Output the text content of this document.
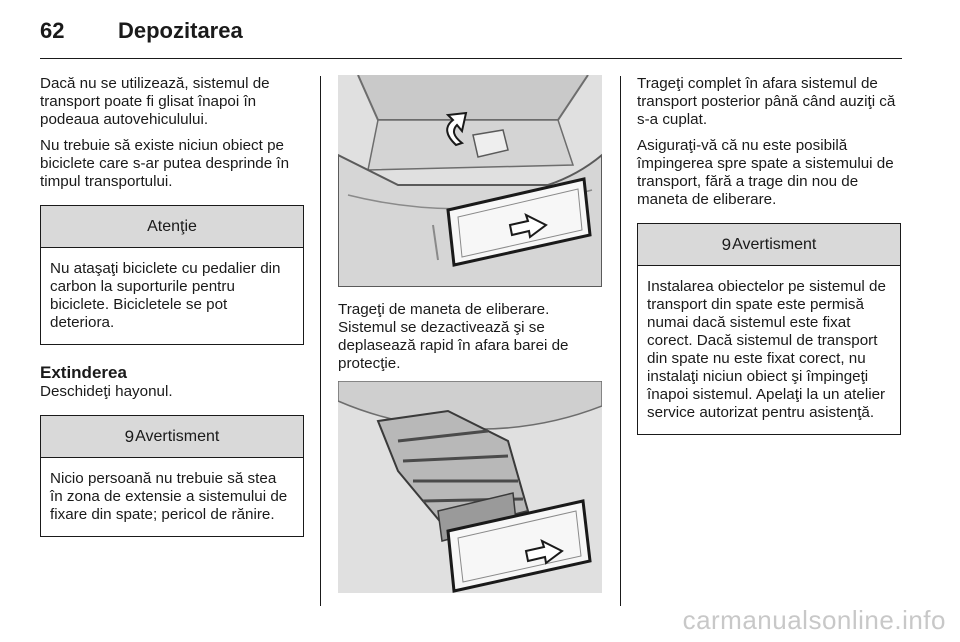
62	Depozitarea

Dacă nu se utilizează, sistemul de transport poate fi glisat înapoi în podeaua autovehiculului.

Nu trebuie să existe niciun obiect pe biciclete care s-ar putea desprinde în timpul transportului.

Atenţie
Nu ataşaţi biciclete cu pedalier din carbon la suporturile pentru biciclete. Bicicletele se pot deteriora.
Extinderea

Deschideţi hayonul.

9 Avertisment
Nicio persoană nu trebuie să stea în zona de extensie a sistemului de fixare din spate; pericol de rănire.

Trageţi de maneta de eliberare. Sistemul se dezactivează şi se deplasează rapid în afara barei de protecţie.

Trageţi complet în afara sistemul de transport posterior până când auziţi că s-a cuplat.

Asiguraţi-vă că nu este posibilă împingerea spre spate a sistemului de transport, fără a trage din nou de maneta de eliberare.

9 Avertisment
Instalarea obiectelor pe sistemul de transport din spate este permisă numai dacă sistemul este fixat corect. Dacă sistemul de transport din spate nu este fixat corect, nu instalaţi niciun obiect şi împingeţi înapoi sistemul. Apelaţi la un atelier service autorizat pentru asistenţă.
carmanualsonline.info
